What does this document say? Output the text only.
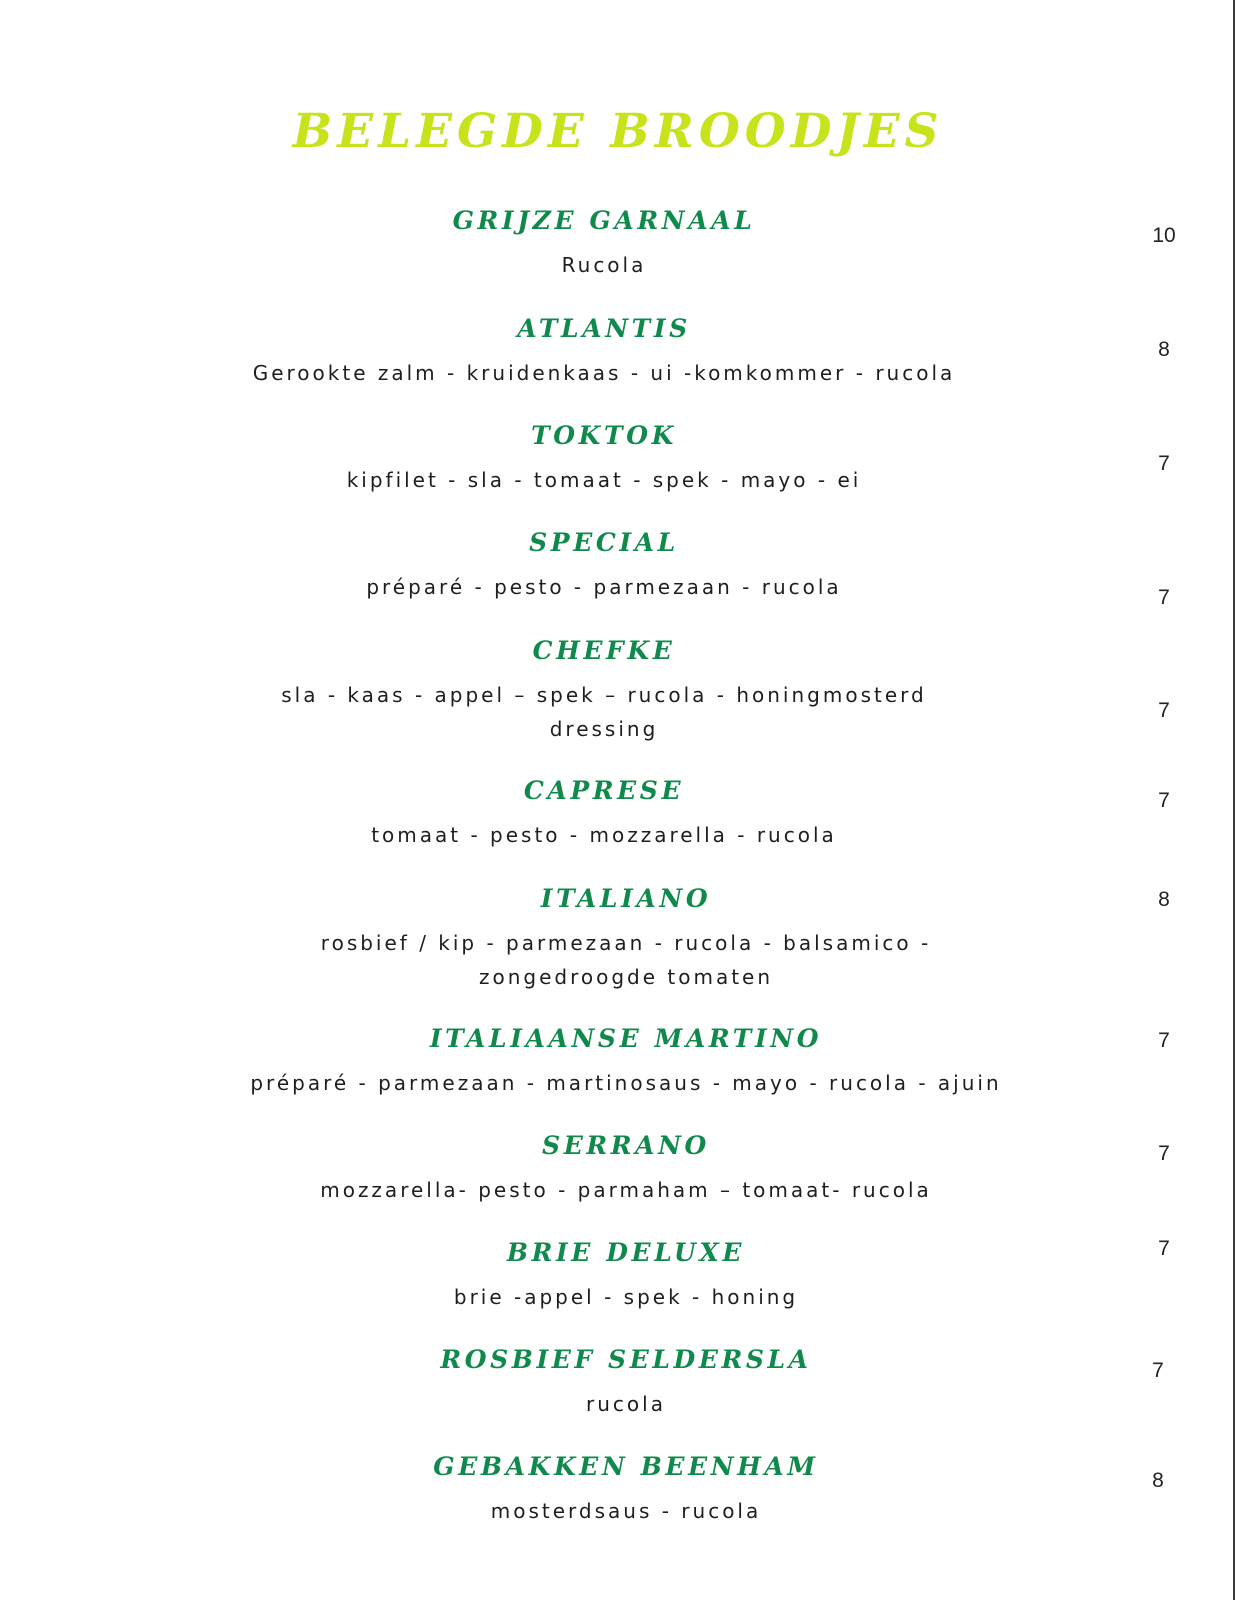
BELEGDE BROODJES
GRIJZE GARNAAL
Rucola
10
ATLANTIS
Gerookte zalm - kruidenkaas - ui -komkommer - rucola
8
TOKTOK
kipfilet - sla - tomaat - spek - mayo - ei
7
SPECIAL
préparé - pesto - parmezaan - rucola	7
CHEFKE
sla - kaas - appel – spek – rucola - honingmosterd
dressing
7
CAPRESE
tomaat - pesto - mozzarella - rucola
7
ITALIANO
rosbief / kip - parmezaan - rucola - balsamico -
zongedroogde tomaten
8
ITALIAANSE MARTINO
préparé - parmezaan - martinosaus - mayo - rucola - ajuin
7
SERRANO
mozzarella- pesto - parmaham – tomaat- rucola
7
BRIE DELUXE
brie -appel - spek - honing
7
ROSBIEF SELDERSLA
rucola
7
GEBAKKEN BEENHAM
mosterdsaus - rucola
8
